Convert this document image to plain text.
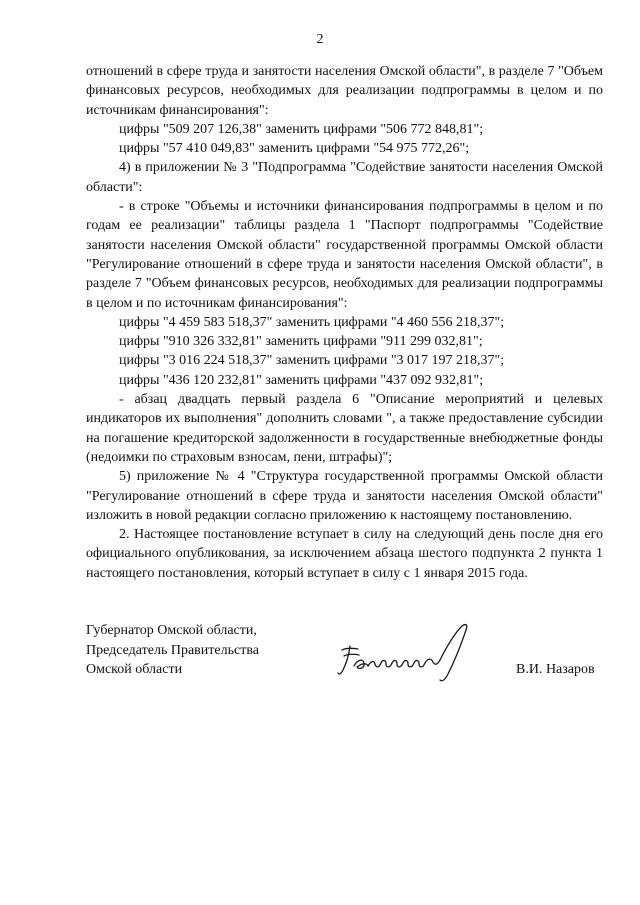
2

отношений в сфере труда и занятости населения Омской области", в разделе 7 "Объем финансовых ресурсов, необходимых для реализации подпрограммы в целом и по источникам финансирования":

цифры "509 207 126,38" заменить цифрами "506 772 848,81";

цифры "57 410 049,83" заменить цифрами "54 975 772,26";

4) в приложении № 3 "Подпрограмма "Содействие занятости населения Омской области":

- в строке "Объемы и источники финансирования подпрограммы в целом и по годам ее реализации" таблицы раздела 1 "Паспорт подпрограммы "Содействие занятости населения Омской области" государственной программы Омской области "Регулирование отношений в сфере труда и занятости населения Омской области", в разделе 7 "Объем финансовых ресурсов, необходимых для реализации подпрограммы в целом и по источникам финансирования":

цифры "4 459 583 518,37" заменить цифрами "4 460 556 218,37";

цифры "910 326 332,81" заменить цифрами "911 299 032,81";

цифры "3 016 224 518,37" заменить цифрами "3 017 197 218,37";

цифры "436 120 232,81" заменить цифрами "437 092 932,81";

- абзац двадцать первый раздела 6 "Описание мероприятий и целевых индикаторов их выполнения" дополнить словами ", а также предоставление субсидии на погашение кредиторской задолженности в государственные внебюджетные фонды (недоимки по страховым взносам, пени, штрафы)";

5) приложение № 4 "Структура государственной программы Омской области "Регулирование отношений в сфере труда и занятости населения Омской области" изложить в новой редакции согласно приложению к настоящему постановлению.

2. Настоящее постановление вступает в силу на следующий день после дня его официального опубликования, за исключением абзаца шестого подпункта 2 пункта 1 настоящего постановления, который вступает в силу с 1 января 2015 года.

Губернатор Омской области,
Председатель Правительства
Омской области	В.И. Назаров
